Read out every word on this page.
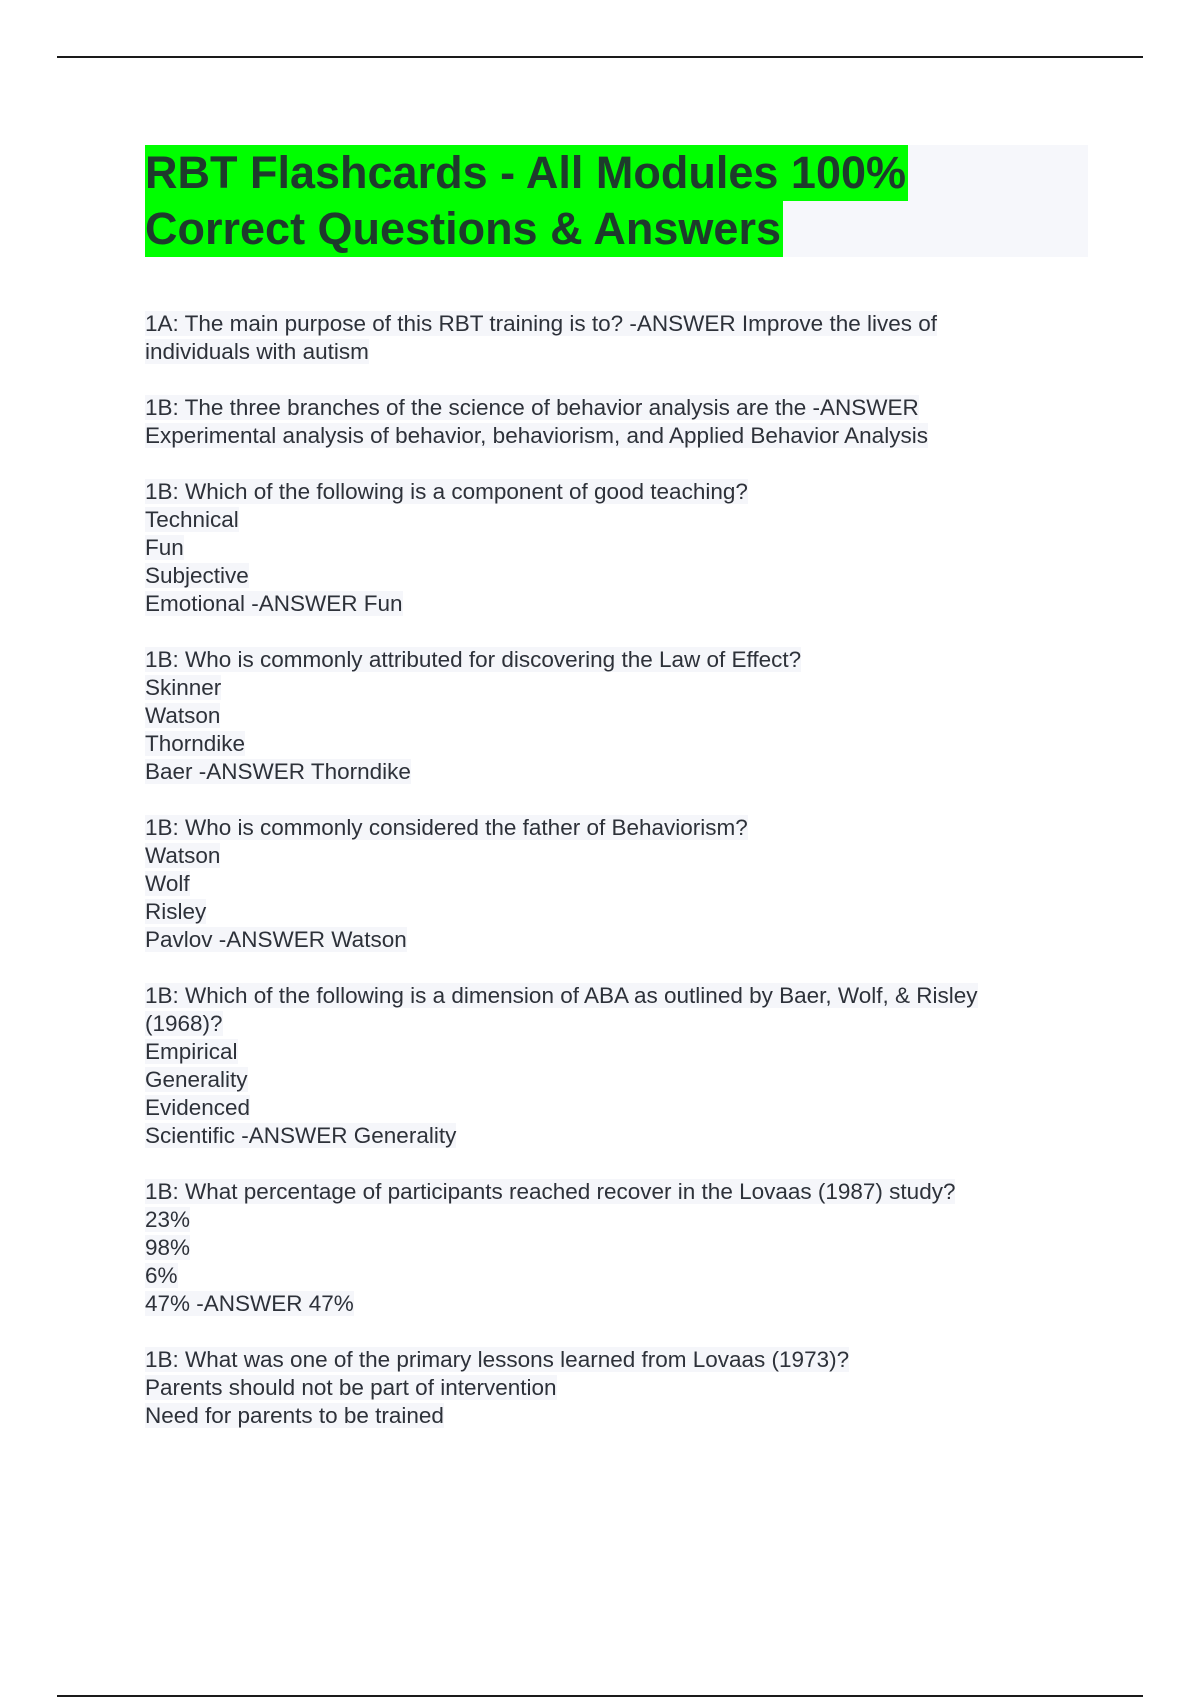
RBT Flashcards - All Modules 100%
Correct Questions & Answers
1A: The main purpose of this RBT training is to? -ANSWER Improve the lives of
individuals with autism
1B: The three branches of the science of behavior analysis are the -ANSWER
Experimental analysis of behavior, behaviorism, and Applied Behavior Analysis
1B: Which of the following is a component of good teaching?
Technical
Fun
Subjective
Emotional -ANSWER Fun
1B: Who is commonly attributed for discovering the Law of Effect?
Skinner
Watson
Thorndike
Baer -ANSWER Thorndike
1B: Who is commonly considered the father of Behaviorism?
Watson
Wolf
Risley
Pavlov -ANSWER Watson
1B: Which of the following is a dimension of ABA as outlined by Baer, Wolf, & Risley
(1968)?
Empirical
Generality
Evidenced
Scientific -ANSWER Generality
1B: What percentage of participants reached recover in the Lovaas (1987) study?
23%
98%
6%
47% -ANSWER 47%
1B: What was one of the primary lessons learned from Lovaas (1973)?
Parents should not be part of intervention
Need for parents to be trained
